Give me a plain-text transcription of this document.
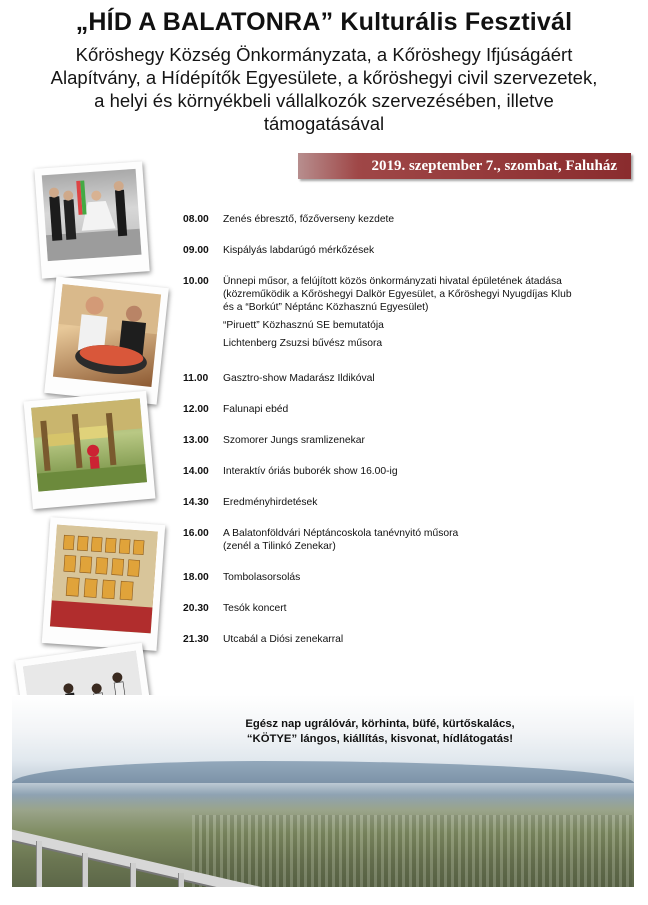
„HÍD A BALATONRA” Kulturális Fesztivál
Kőröshegy Község Önkormányzata, a Kőröshegy Ifjúságáért
Alapítvány, a Hídépítők Egyesülete, a kőröshegyi civil szervezetek,
a helyi és környékbeli vállalkozók szervezésében, illetve
támogatásával
2019. szeptember 7., szombat, Faluház
08.00	Zenés ébresztő, főzőverseny kezdete
09.00	Kispályás labdarúgó mérkőzések
10.00	Ünnepi műsor, a felújított közös önkormányzati hivatal épületének átadása
(közreműködik a Kőröshegyi Dalkör Egyesület, a Kőröshegyi Nyugdíjas Klub
és a “Borkút” Néptánc Közhasznú Egyesület)
“Piruett” Közhasznú SE bemutatója
Lichtenberg Zsuzsi bűvész műsora
11.00	Gasztro-show Madarász Ildikóval
12.00	Falunapi ebéd
13.00	Szomorer Jungs sramlizenekar
14.00	Interaktív óriás buborék show 16.00-ig
14.30	Eredményhirdetések
16.00	A Balatonföldvári Néptáncoskola tanévnyitó műsora
(zenél a Tilinkó Zenekar)
18.00	Tombolasorsolás
20.30	Tesók koncert
21.30	Utcabál a Diósi zenekarral
Egész nap ugrálóvár, körhinta, büfé, kürtőskalács,
“KÖTYE” lángos, kiállítás, kisvonat, hídlátogatás!
